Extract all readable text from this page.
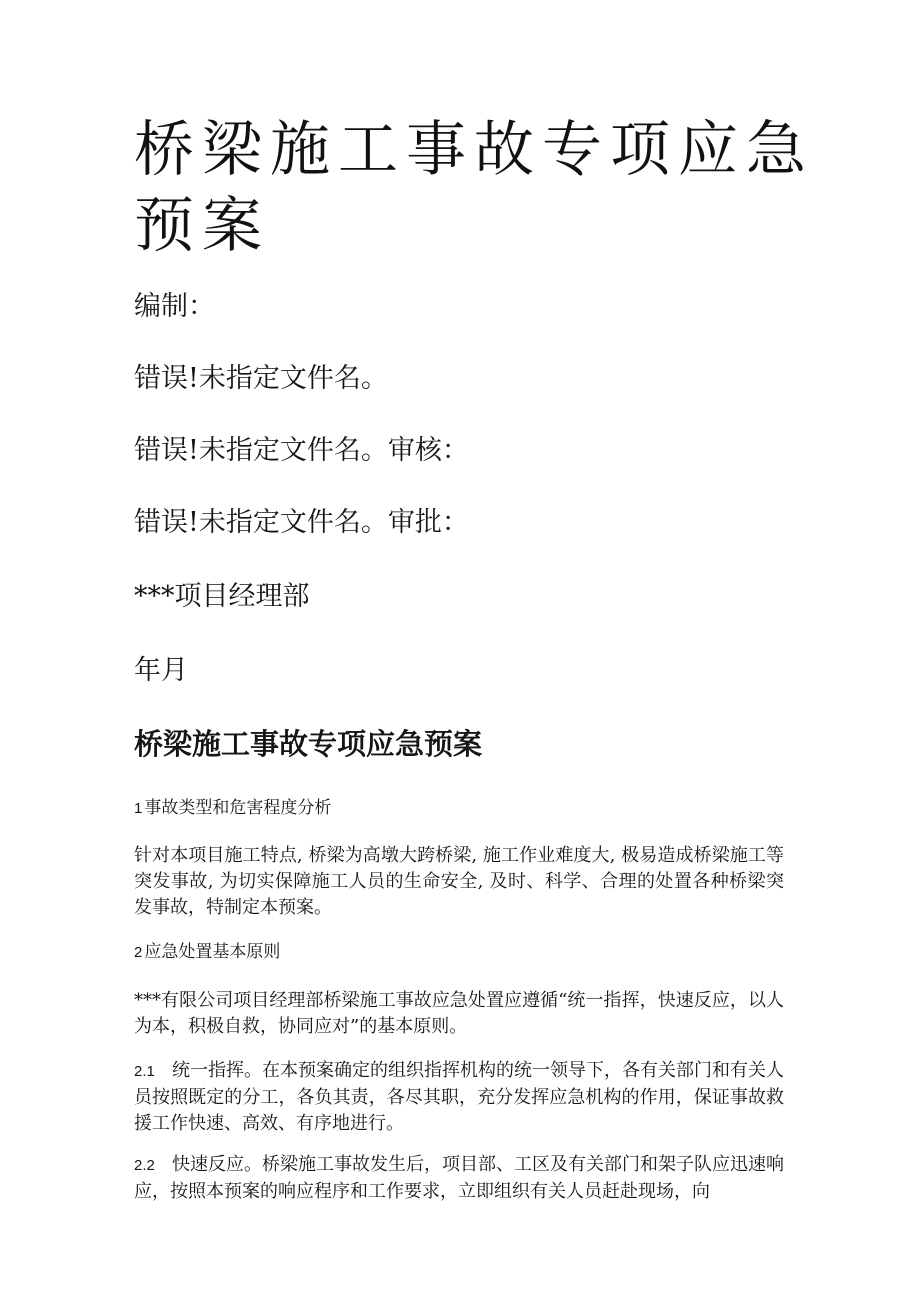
桥梁施工事故专项应急预案

编制：

错误!未指定文件名。

错误!未指定文件名。审核：

错误!未指定文件名。审批：

***项目经理部

年月

桥梁施工事故专项应急预案

1 事故类型和危害程度分析

针对本项目施工特点, 桥梁为高墩大跨桥梁, 施工作业难度大, 极易造成桥梁施工等突发事故, 为切实保障施工人员的生命安全, 及时、科学、合理的处置各种桥梁突发事故，特制定本预案。

2 应急处置基本原则

***有限公司项目经理部桥梁施工事故应急处置应遵循“统一指挥，快速反应，以人为本，积极自救，协同应对”的基本原则。

2.1 统一指挥。在本预案确定的组织指挥机构的统一领导下，各有关部门和有关人员按照既定的分工，各负其责，各尽其职，充分发挥应急机构的作用，保证事故救援工作快速、高效、有序地进行。

2.2 快速反应。桥梁施工事故发生后，项目部、工区及有关部门和架子队应迅速响应，按照本预案的响应程序和工作要求，立即组织有关人员赶赴现场，向
